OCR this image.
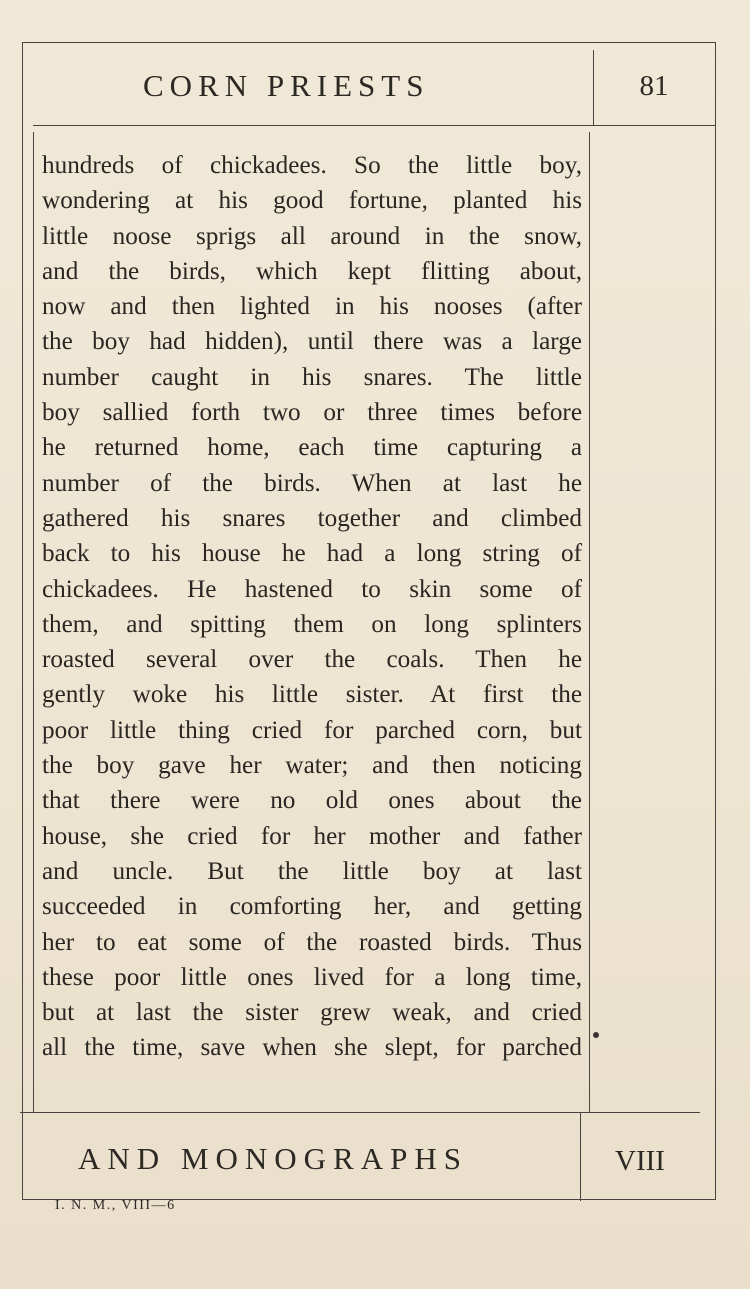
CORN PRIESTS	81
hundreds of chickadees. So the little boy,
wondering at his good fortune, planted his
little noose sprigs all around in the snow,
and the birds, which kept flitting about,
now and then lighted in his nooses (after
the boy had hidden), until there was a large
number caught in his snares. The little
boy sallied forth two or three times before
he returned home, each time capturing a
number of the birds. When at last he
gathered his snares together and climbed
back to his house he had a long string of
chickadees. He hastened to skin some of
them, and spitting them on long splinters
roasted several over the coals. Then he
gently woke his little sister. At first the
poor little thing cried for parched corn, but
the boy gave her water; and then noticing
that there were no old ones about the
house, she cried for her mother and father
and uncle. But the little boy at last
succeeded in comforting her, and getting
her to eat some of the roasted birds. Thus
these poor little ones lived for a long time,
but at last the sister grew weak, and cried
all the time, save when she slept, for parched
AND MONOGRAPHS	VIII
I. N. M., VIII—6
